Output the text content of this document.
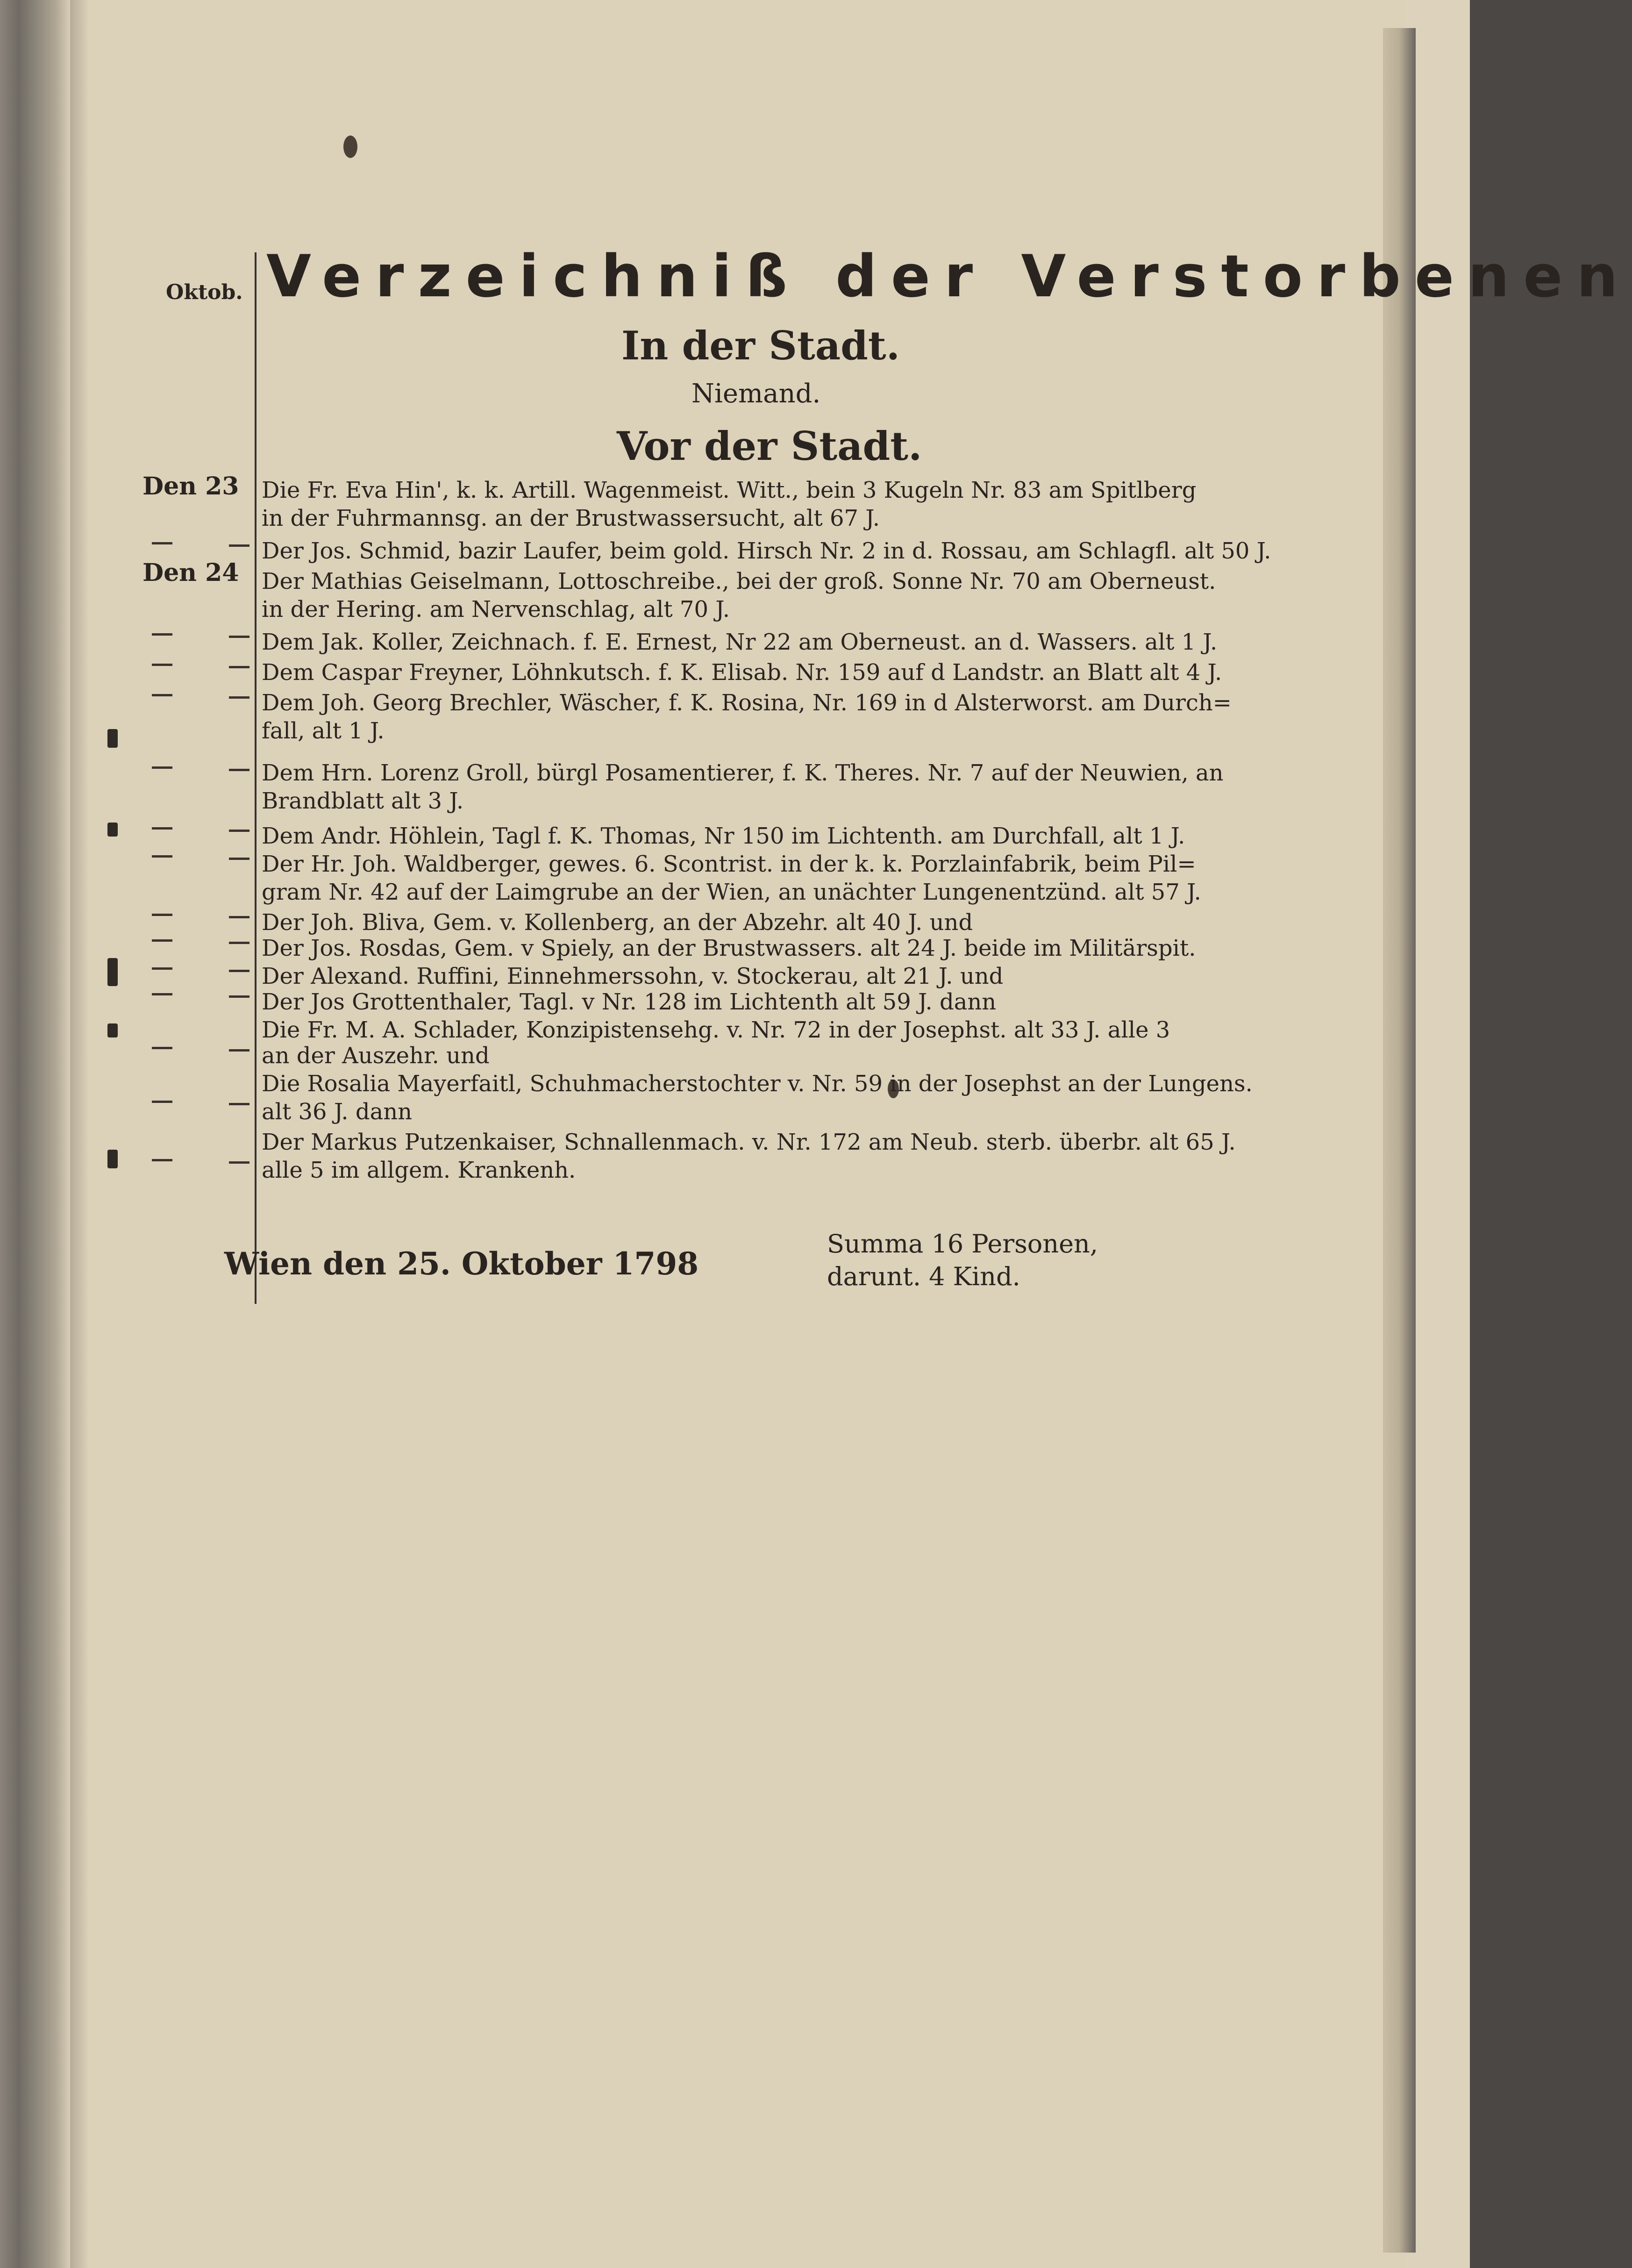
Oktob. Verzeichniß der Verstorbenen
In der Stadt.
Niemand.
Vor der Stadt.
Den 23
Den 24
Die Fr. Eva Hin', k. k. Artill. Wagenmeist. Witt., bein 3 Kugeln Nr. 83 am Spitlberg
in der Fuhrmannsg. an der Brustwassersucht, alt 67 J.
Der Jos. Schmid, bazir Laufer, beim gold. Hirsch Nr. 2 in d. Rossau, am Schlagfl. alt 50 J.
Der Mathias Geiselmann, Lottoschreibe., bei der groß. Sonne Nr. 70 am Oberneust.
in der Hering. am Nervenschlag, alt 70 J.
Dem Jak. Koller, Zeichnach. f. E. Ernest, Nr 22 am Oberneust. an d. Wassers. alt 1 J.
Dem Caspar Freyner, Löhnkutsch. f. K. Elisab. Nr. 159 auf d Landstr. an Blatt alt 4 J.
Dem Joh. Georg Brechler, Wäscher, f. K. Rosina, Nr. 169 in d Alsterworst. am Durch=
fall, alt 1 J.
Dem Hrn. Lorenz Groll, bürgl Posamentierer, f. K. Theres. Nr. 7 auf der Neuwien, an
Brandblatt alt 3 J.
Dem Andr. Höhlein, Tagl f. K. Thomas, Nr 150 im Lichtenth. am Durchfall, alt 1 J.
Der Hr. Joh. Waldberger, gewes. 6. Scontrist. in der k. k. Porzlainfabrik, beim Pil=
gram Nr. 42 auf der Laimgrube an der Wien, an unächter Lungenentzünd. alt 57 J.
Der Joh. Bliva, Gem. v. Kollenberg, an der Abzehr. alt 40 J. und
Der Jos. Rosdas, Gem. v Spiely, an der Brustwassers. alt 24 J. beide im Militärspit.
Der Alexand. Ruffini, Einnehmerssohn, v. Stockerau, alt 21 J. und
Der Jos Grottenthaler, Tagl. v Nr. 128 im Lichtenth alt 59 J. dann
Die Fr. M. A. Schlader, Konzipistensehg. v. Nr. 72 in der Josephst. alt 33 J. alle 3
an der Auszehr. und
Die Rosalia Mayerfaitl, Schuhmacherstochter v. Nr. 59 in der Josephst an der Lungens.
alt 36 J. dann
Der Markus Putzenkaiser, Schnallenmach. v. Nr. 172 am Neub. sterb. überbr. alt 65 J.
alle 5 im allgem. Krankenh.
Wien den 25. Oktober 1798
Summa 16 Personen,
darunt. 4 Kind.
